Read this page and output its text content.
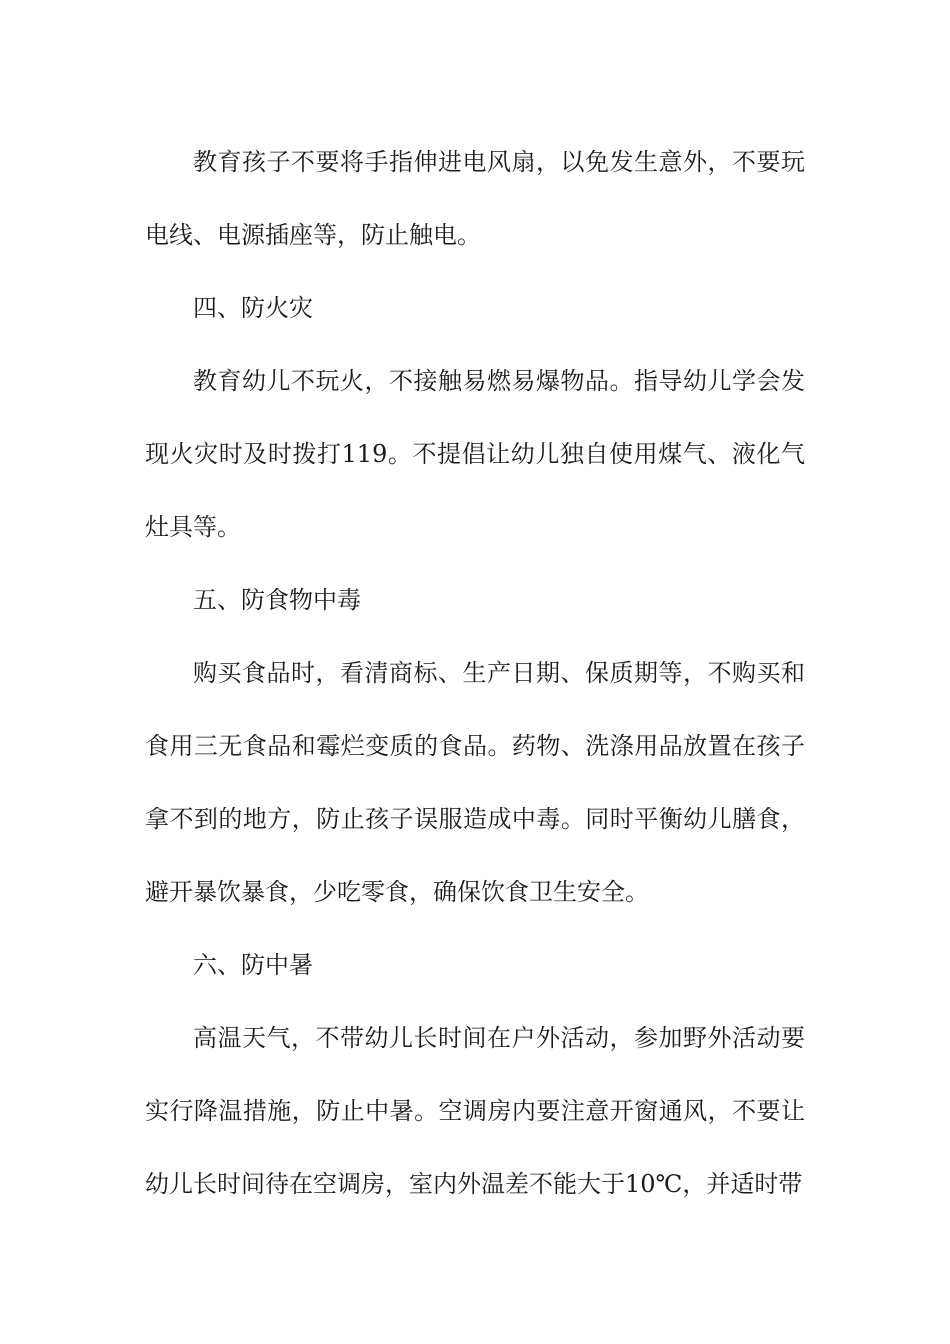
教育孩子不要将手指伸进电风扇，以免发生意外，不要玩电线、电源插座等，防止触电。

四、防火灾

教育幼儿不玩火，不接触易燃易爆物品。指导幼儿学会发现火灾时及时拨打119。不提倡让幼儿独自使用煤气、液化气灶具等。

五、防食物中毒

购买食品时，看清商标、生产日期、保质期等，不购买和食用三无食品和霉烂变质的食品。药物、洗涤用品放置在孩子拿不到的地方，防止孩子误服造成中毒。同时平衡幼儿膳食，避开暴饮暴食，少吃零食，确保饮食卫生安全。

六、防中暑

高温天气，不带幼儿长时间在户外活动，参加野外活动要实行降温措施，防止中暑。空调房内要注意开窗通风，不要让幼儿长时间待在空调房，室内外温差不能大于10℃，并适时带
